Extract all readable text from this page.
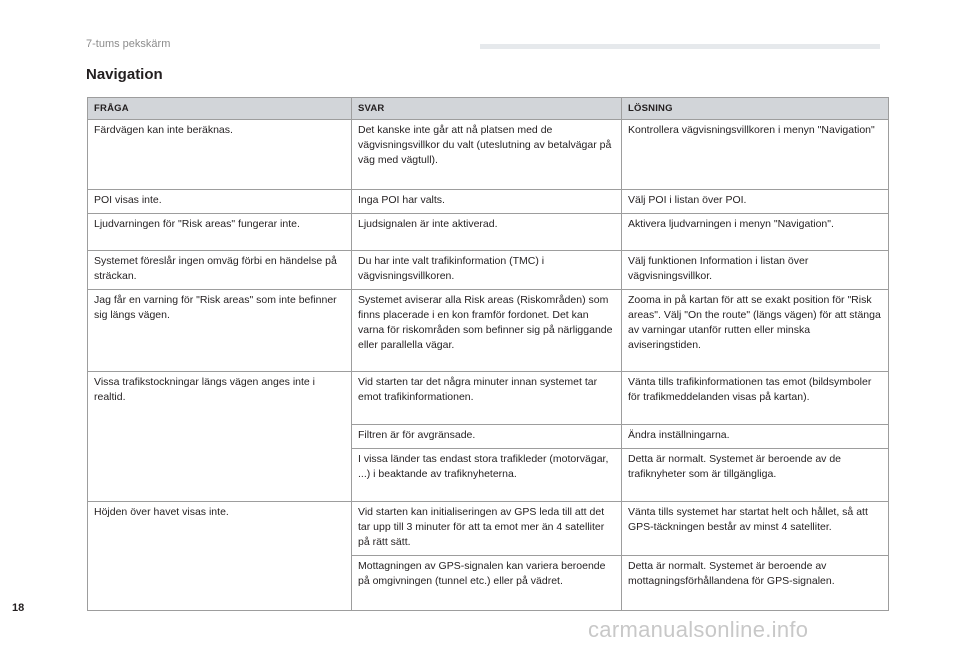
7-tums pekskärm
Navigation
FRÅGA	SVAR	LÖSNING
Färdvägen kan inte beräknas.	Det kanske inte går att nå platsen med de vägvisningsvillkor du valt (uteslutning av betalvägar på väg med vägtull).	Kontrollera vägvisningsvillkoren i menyn "Navigation"
POI visas inte.	Inga POI har valts.	Välj POI i listan över POI.
Ljudvarningen för "Risk areas" fungerar inte.	Ljudsignalen är inte aktiverad.	Aktivera ljudvarningen i menyn "Navigation".
Systemet föreslår ingen omväg förbi en händelse på sträckan.	Du har inte valt trafikinformation (TMC) i vägvisningsvillkoren.	Välj funktionen Information i listan över vägvisningsvillkor.
Jag får en varning för "Risk areas" som inte befinner sig längs vägen.	Systemet aviserar alla Risk areas (Riskområden) som finns placerade i en kon framför fordonet. Det kan varna för riskområden som befinner sig på närliggande eller parallella vägar.	Zooma in på kartan för att se exakt position för "Risk areas". Välj "On the route" (längs vägen) för att stänga av varningar utanför rutten eller minska aviseringstiden.
Vissa trafikstockningar längs vägen anges inte i realtid.	Vid starten tar det några minuter innan systemet tar emot trafikinformationen.	Vänta tills trafikinformationen tas emot (bildsymboler för trafikmeddelanden visas på kartan).
	Filtren är för avgränsade.	Ändra inställningarna.
	I vissa länder tas endast stora trafikleder (motorvägar, ...) i beaktande av trafiknyheterna.	Detta är normalt. Systemet är beroende av de trafiknyheter som är tillgängliga.
Höjden över havet visas inte.	Vid starten kan initialiseringen av GPS leda till att det tar upp till 3 minuter för att ta emot mer än 4 satelliter på rätt sätt.	Vänta tills systemet har startat helt och hållet, så att GPS-täckningen består av minst 4 satelliter.
	Mottagningen av GPS-signalen kan variera beroende på omgivningen (tunnel etc.) eller på vädret.	Detta är normalt. Systemet är beroende av mottagningsförhållandena för GPS-signalen.
18
carmanualsonline.info
